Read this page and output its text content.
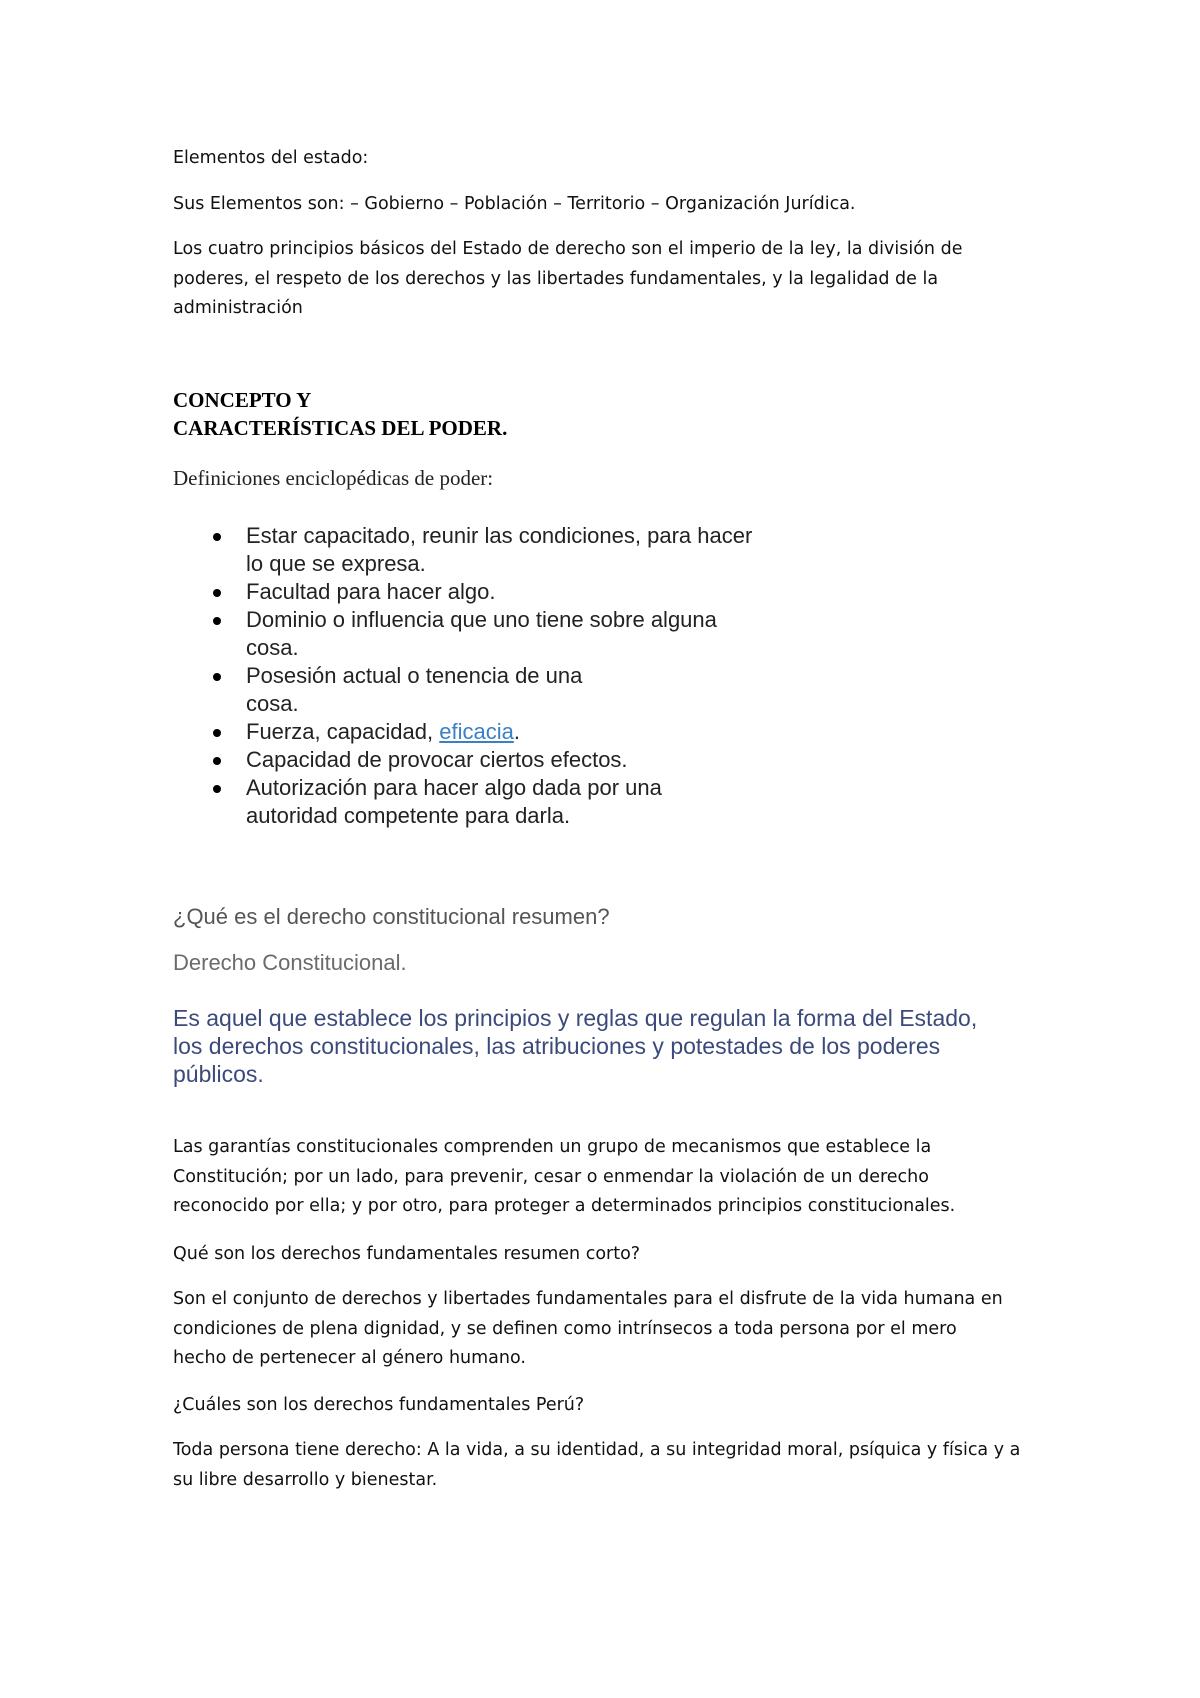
Elementos del estado:

Sus Elementos son: – Gobierno – Población – Territorio – Organización Jurídica.

Los cuatro principios básicos del Estado de derecho son el imperio de la ley, la división de
poderes, el respeto de los derechos y las libertades fundamentales, y la legalidad de la
administración
CONCEPTO Y
CARACTERÍSTICAS DEL PODER.

Definiciones enciclopédicas de poder:

Estar capacitado, reunir las condiciones, para hacer
lo que se expresa.
Facultad para hacer algo.
Dominio o influencia que uno tiene sobre alguna
cosa.
Posesión actual o tenencia de una
cosa.
Fuerza, capacidad, eficacia.
Capacidad de provocar ciertos efectos.
Autorización para hacer algo dada por una
autoridad competente para darla.

¿Qué es el derecho constitucional resumen?

Derecho Constitucional.

Es aquel que establece los principios y reglas que regulan la forma del Estado,
los derechos constitucionales, las atribuciones y potestades de los poderes
públicos.
Las garantías constitucionales comprenden un grupo de mecanismos que establece la
Constitución; por un lado, para prevenir, cesar o enmendar la violación de un derecho
reconocido por ella; y por otro, para proteger a determinados principios constitucionales.

Qué son los derechos fundamentales resumen corto?

Son el conjunto de derechos y libertades fundamentales para el disfrute de la vida humana en
condiciones de plena dignidad, y se definen como intrínsecos a toda persona por el mero
hecho de pertenecer al género humano.

¿Cuáles son los derechos fundamentales Perú?

Toda persona tiene derecho: A la vida, a su identidad, a su integridad moral, psíquica y física y a
su libre desarrollo y bienestar.
